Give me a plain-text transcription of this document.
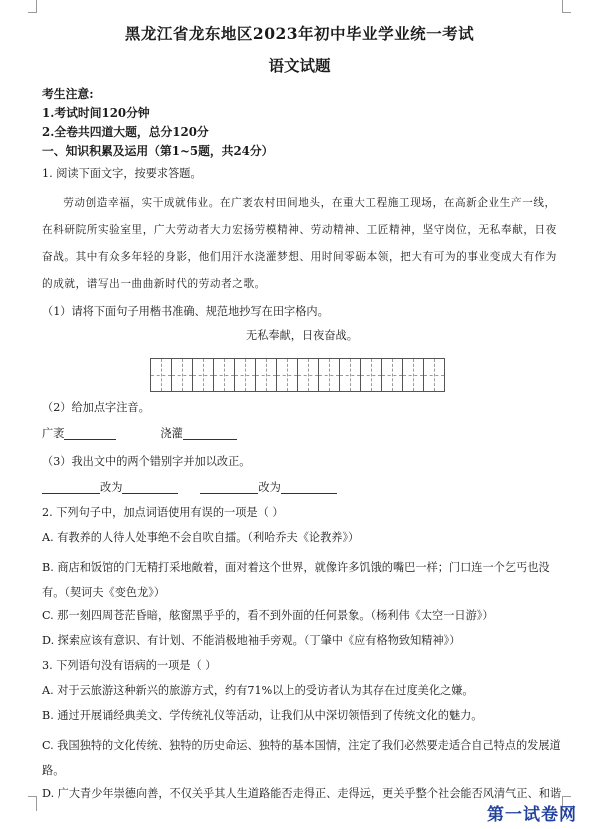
黑龙江省龙东地区2023年初中毕业学业统一考试
语文试题

考生注意:

1.考试时间120分钟

2.全卷共四道大题，总分120分

一、知识积累及运用（第1~5题，共24分）

1. 阅读下面文字，按要求答题。

劳动创造幸福，实干成就伟业。在广袤农村田间地头，在重大工程施工现场，在高新企业生产一线，在科研院所实验室里，广大劳动者大力宏扬劳模精神、劳动精神、工匠精神，坚守岗位，无私奉献，日夜奋战。其中有众多年轻的身影，他们用汗水浇灌梦想、用时间零砺本领，把大有可为的事业变成大有作为的成就，谱写出一曲曲新时代的劳动者之歌。

（1）请将下面句子用楷书准确、规范地抄写在田字格内。

无私奉献，日夜奋战。

（2）给加点字注音。

广袤	浇灌

（3）我出文中的两个错别字并加以改正。

改为	改为

2. 下列句子中，加点词语使用有误的一项是（ ）

A. 有教养的人待人处事绝不会自吹自擂。（利哈乔夫《论教养》）

B. 商店和饭馆的门无精打采地敞着，面对着这个世界，就像许多饥饿的嘴巴一样；门口连一个乞丐也没有。（契诃夫《变色龙》）

C. 那一刻四周苍茫昏暗，舷窗黑乎乎的，看不到外面的任何景象。（杨利伟《太空一日游》）

D. 探索应该有意识、有计划、不能消极地袖手旁观。（丁肇中《应有格物致知精神》）

3. 下列语句没有语病的一项是（ ）

A. 对于云旅游这种新兴的旅游方式，约有71%以上的受访者认为其存在过度美化之嫌。

B. 通过开展诵经典美文、学传统礼仪等活动，让我们从中深切领悟到了传统文化的魅力。

C. 我国独特的文化传统、独特的历史命运、独特的基本国情，注定了我们必然要走适合自己特点的发展道路。

D. 广大青少年崇德向善，不仅关乎其人生道路能否走得正、走得远，更关乎整个社会能否风清气正、和谐

第一试卷网
